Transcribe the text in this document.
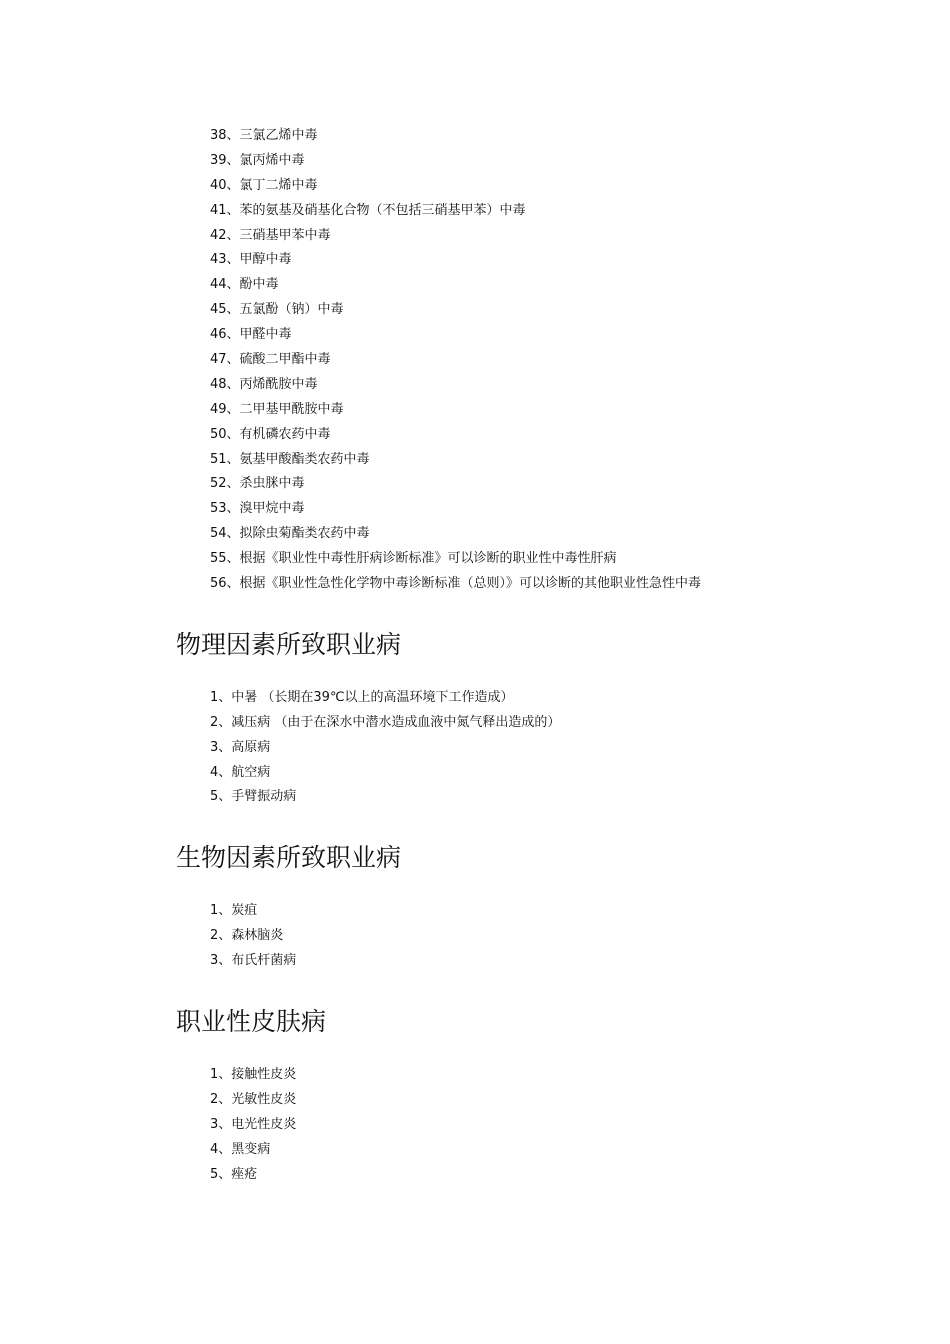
38、三氯乙烯中毒
39、氯丙烯中毒
40、氯丁二烯中毒
41、苯的氨基及硝基化合物（不包括三硝基甲苯）中毒
42、三硝基甲苯中毒
43、甲醇中毒
44、酚中毒
45、五氯酚（钠）中毒
46、甲醛中毒
47、硫酸二甲酯中毒
48、丙烯酰胺中毒
49、二甲基甲酰胺中毒
50、有机磷农药中毒
51、氨基甲酸酯类农药中毒
52、杀虫脒中毒
53、溴甲烷中毒
54、拟除虫菊酯类农药中毒
55、根据《职业性中毒性肝病诊断标准》可以诊断的职业性中毒性肝病
56、根据《职业性急性化学物中毒诊断标准（总则）》可以诊断的其他职业性急性中毒
物理因素所致职业病
1、中暑 （长期在39℃以上的高温环境下工作造成）
2、减压病 （由于在深水中潜水造成血液中氮气释出造成的）
3、高原病
4、航空病
5、手臂振动病
生物因素所致职业病
1、炭疽
2、森林脑炎
3、布氏杆菌病
职业性皮肤病
1、接触性皮炎
2、光敏性皮炎
3、电光性皮炎
4、黑变病
5、痤疮
